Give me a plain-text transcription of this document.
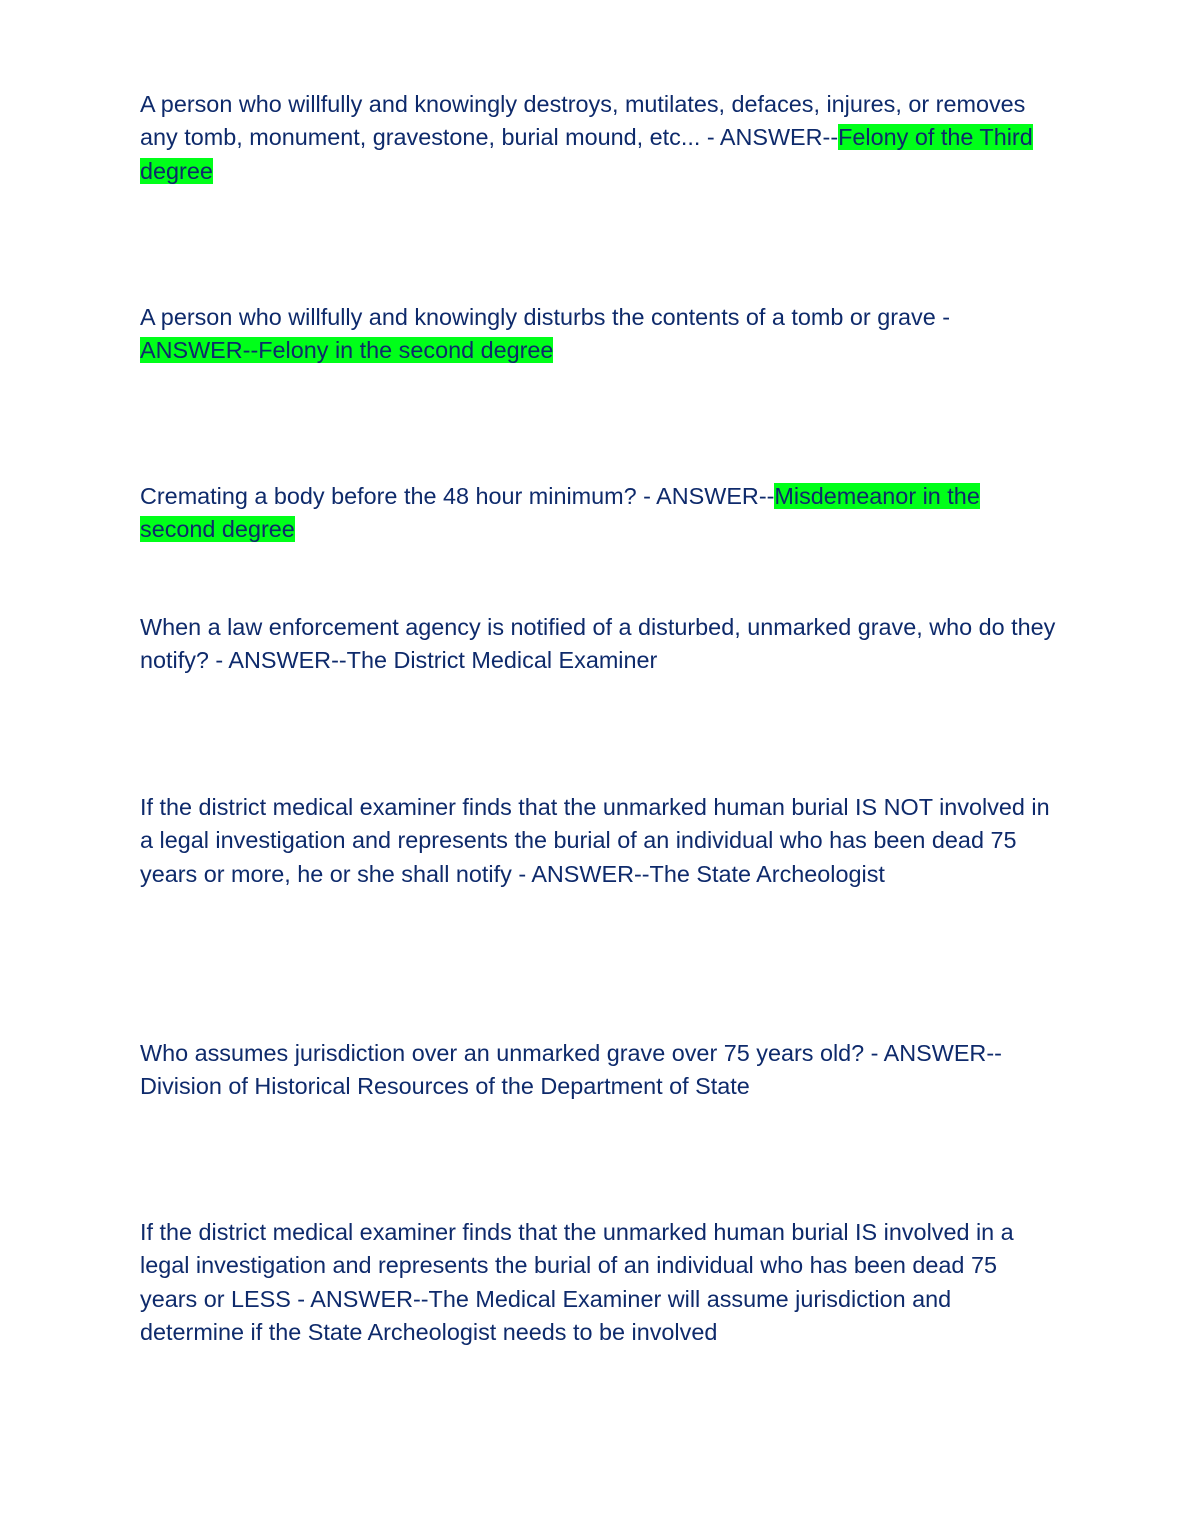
A person who willfully and knowingly destroys, mutilates, defaces, injures, or removes any tomb, monument, gravestone, burial mound, etc... - ANSWER--Felony of the Third degree

A person who willfully and knowingly disturbs the contents of a tomb or grave - ANSWER--Felony in the second degree

Cremating a body before the 48 hour minimum? - ANSWER--Misdemeanor in the second degree

When a law enforcement agency is notified of a disturbed, unmarked grave, who do they notify? - ANSWER--The District Medical Examiner

If the district medical examiner finds that the unmarked human burial IS NOT involved in a legal investigation and represents the burial of an individual who has been dead 75 years or more, he or she shall notify - ANSWER--The State Archeologist

Who assumes jurisdiction over an unmarked grave over 75 years old? - ANSWER--Division of Historical Resources of the Department of State

If the district medical examiner finds that the unmarked human burial IS involved in a legal investigation and represents the burial of an individual who has been dead 75 years or LESS - ANSWER--The Medical Examiner will assume jurisdiction and determine if the State Archeologist needs to be involved
